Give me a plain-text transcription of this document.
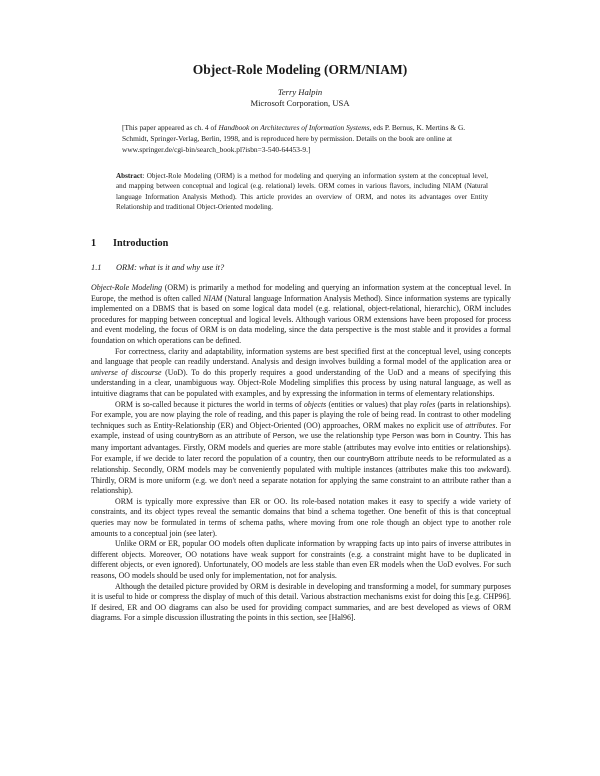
Object-Role Modeling (ORM/NIAM)
Terry Halpin
Microsoft Corporation, USA
[This paper appeared as ch. 4 of Handbook on Architectures of Information Systems, eds P. Bernus, K. Mertins & G. Schmidt, Springer-Verlag, Berlin, 1998, and is reproduced here by permission. Details on the book are online at www.springer.de/cgi-bin/search_book.pl?isbn=3-540-64453-9.]
Abstract: Object-Role Modeling (ORM) is a method for modeling and querying an information system at the conceptual level, and mapping between conceptual and logical (e.g. relational) levels. ORM comes in various flavors, including NIAM (Natural language Information Analysis Method). This article provides an overview of ORM, and notes its advantages over Entity Relationship and traditional Object-Oriented modeling.
1 Introduction
1.1 ORM: what is it and why use it?

Object-Role Modeling (ORM) is primarily a method for modeling and querying an information system at the conceptual level. In Europe, the method is often called NIAM (Natural language Information Analysis Method). Since information systems are typically implemented on a DBMS that is based on some logical data model (e.g. relational, object-relational, hierarchic), ORM includes procedures for mapping between conceptual and logical levels. Although various ORM extensions have been proposed for process and event modeling, the focus of ORM is on data modeling, since the data perspective is the most stable and it provides a formal foundation on which operations can be defined.

For correctness, clarity and adaptability, information systems are best specified first at the conceptual level, using concepts and language that people can readily understand. Analysis and design involves building a formal model of the application area or universe of discourse (UoD). To do this properly requires a good understanding of the UoD and a means of specifying this understanding in a clear, unambiguous way. Object-Role Modeling simplifies this process by using natural language, as well as intuitive diagrams that can be populated with examples, and by expressing the information in terms of elementary relationships.

ORM is so-called because it pictures the world in terms of objects (entities or values) that play roles (parts in relationships). For example, you are now playing the role of reading, and this paper is playing the role of being read. In contrast to other modeling techniques such as Entity-Relationship (ER) and Object-Oriented (OO) approaches, ORM makes no explicit use of attributes. For example, instead of using countryBorn as an attribute of Person, we use the relationship type Person was born in Country. This has many important advantages. Firstly, ORM models and queries are more stable (attributes may evolve into entities or relationships). For example, if we decide to later record the population of a country, then our countryBorn attribute needs to be reformulated as a relationship. Secondly, ORM models may be conveniently populated with multiple instances (attributes make this too awkward). Thirdly, ORM is more uniform (e.g. we don't need a separate notation for applying the same constraint to an attribute rather than a relationship).

ORM is typically more expressive than ER or OO. Its role-based notation makes it easy to specify a wide variety of constraints, and its object types reveal the semantic domains that bind a schema together. One benefit of this is that conceptual queries may now be formulated in terms of schema paths, where moving from one role though an object type to another role amounts to a conceptual join (see later).

Unlike ORM or ER, popular OO models often duplicate information by wrapping facts up into pairs of inverse attributes in different objects. Moreover, OO notations have weak support for constraints (e.g. a constraint might have to be duplicated in different objects, or even ignored). Unfortunately, OO models are less stable than even ER models when the UoD evolves. For such reasons, OO models should be used only for implementation, not for analysis.

Although the detailed picture provided by ORM is desirable in developing and transforming a model, for summary purposes it is useful to hide or compress the display of much of this detail. Various abstraction mechanisms exist for doing this [e.g. CHP96]. If desired, ER and OO diagrams can also be used for providing compact summaries, and are best developed as views of ORM diagrams. For a simple discussion illustrating the points in this section, see [Hal96].
